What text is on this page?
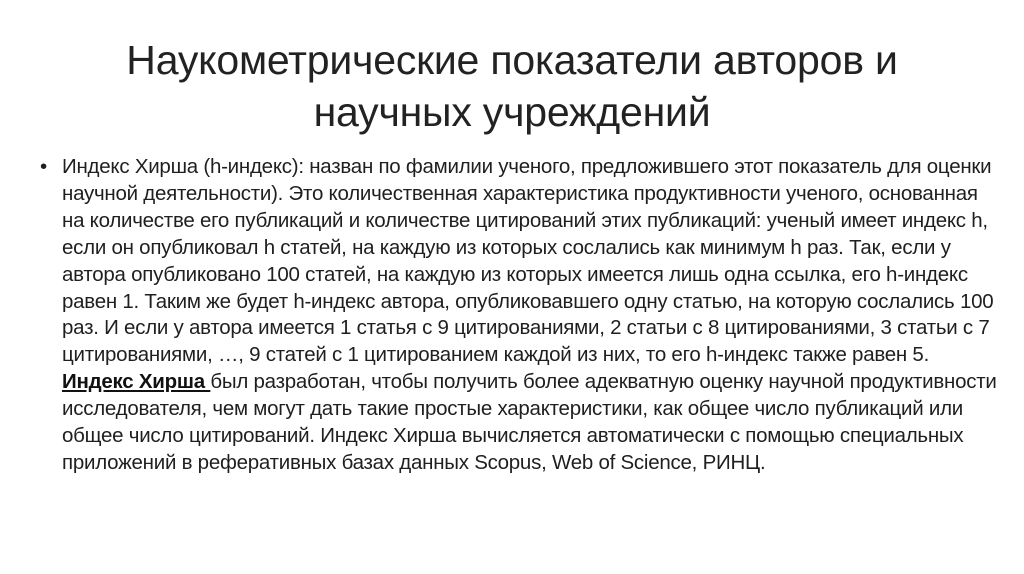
Наукометрические показатели авторов и
научных учреждений
• Индекс Хирша (h-индекс): назван по фамилии ученого, предложившего этот показатель для оценки научной деятельности). Это количественная характеристика продуктивности ученого, основанная на количестве его публикаций и количестве цитирований этих публикаций: ученый имеет индекс h, если он опубликовал h статей, на каждую из которых сослались как минимум h раз. Так, если у автора опубликовано 100 статей, на каждую из которых имеется лишь одна ссылка, его h-индекс равен 1. Таким же будет h-индекс автора, опубликовавшего одну статью, на которую сослались 100 раз. И если у автора имеется 1 статья с 9 цитированиями, 2 статьи с 8 цитированиями, 3 статьи с 7 цитированиями, …, 9 статей с 1 цитированием каждой из них, то его h-индекс также равен 5. Индекс Хирша был разработан, чтобы получить более адекватную оценку научной продуктивности исследователя, чем могут дать такие простые характеристики, как общее число публикаций или общее число цитирований. Индекс Хирша вычисляется автоматически с помощью специальных приложений в реферативных базах данных Scopus, Web of Science, РИНЦ.
